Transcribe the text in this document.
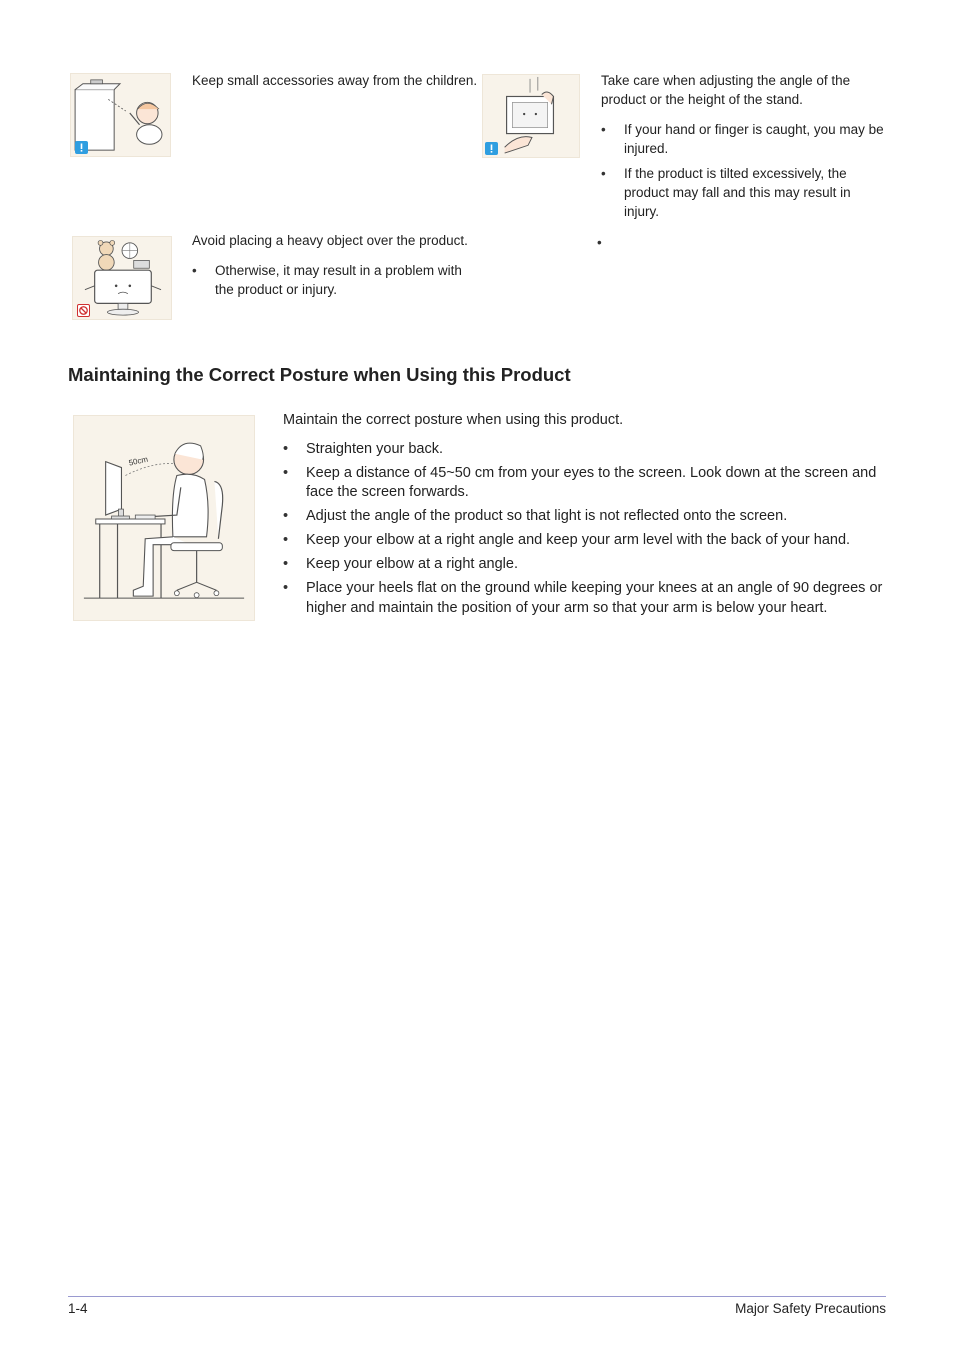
Keep small accessories away from the children.	Take care when adjusting the angle of the product or the height of the stand.
• If your hand or finger is caught, you may be injured.
• If the product is tilted excessively, the product may fall and this may result in injury.
Avoid placing a heavy object over the product.
• Otherwise, it may result in a problem with the product or injury.
Maintaining the Correct Posture when Using this Product
50cm
Maintain the correct posture when using this product.
• Straighten your back.
• Keep a distance of 45~50 cm from your eyes to the screen. Look down at the screen and face the screen forwards.
• Adjust the angle of the product so that light is not reflected onto the screen.
• Keep your elbow at a right angle and keep your arm level with the back of your hand.
• Keep your elbow at a right angle.
• Place your heels flat on the ground while keeping your knees at an angle of 90 degrees or higher and maintain the position of your arm so that your arm is below your heart.
1-4	Major Safety Precautions
